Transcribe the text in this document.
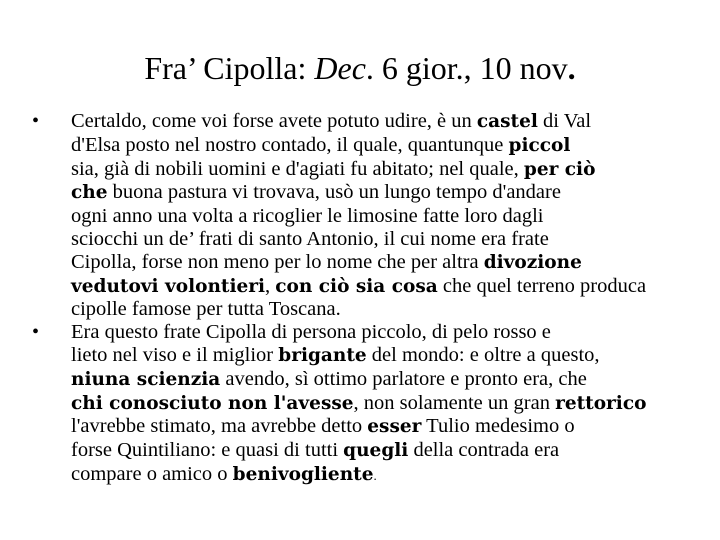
Fra’ Cipolla: Dec. 6 gior., 10 nov.
• Certaldo, come voi forse avete potuto udire, è un castel di Val
d'Elsa posto nel nostro contado, il quale, quantunque piccol
sia, già di nobili uomini e d'agiati fu abitato; nel quale, per ciò
che buona pastura vi trovava, usò un lungo tempo d'andare
ogni anno una volta a ricoglier le limosine fatte loro dagli
sciocchi un de’ frati di santo Antonio, il cui nome era frate
Cipolla, forse non meno per lo nome che per altra divozione
vedutovi volontieri, con ciò sia cosa che quel terreno produca
cipolle famose per tutta Toscana.
• Era questo frate Cipolla di persona piccolo, di pelo rosso e
lieto nel viso e il miglior brigante del mondo: e oltre a questo,
niuna scienzia avendo, sì ottimo parlatore e pronto era, che
chi conosciuto non l'avesse, non solamente un gran rettorico
l'avrebbe stimato, ma avrebbe detto esser Tulio medesimo o
forse Quintiliano: e quasi di tutti quegli della contrada era
compare o amico o benivogliente.
